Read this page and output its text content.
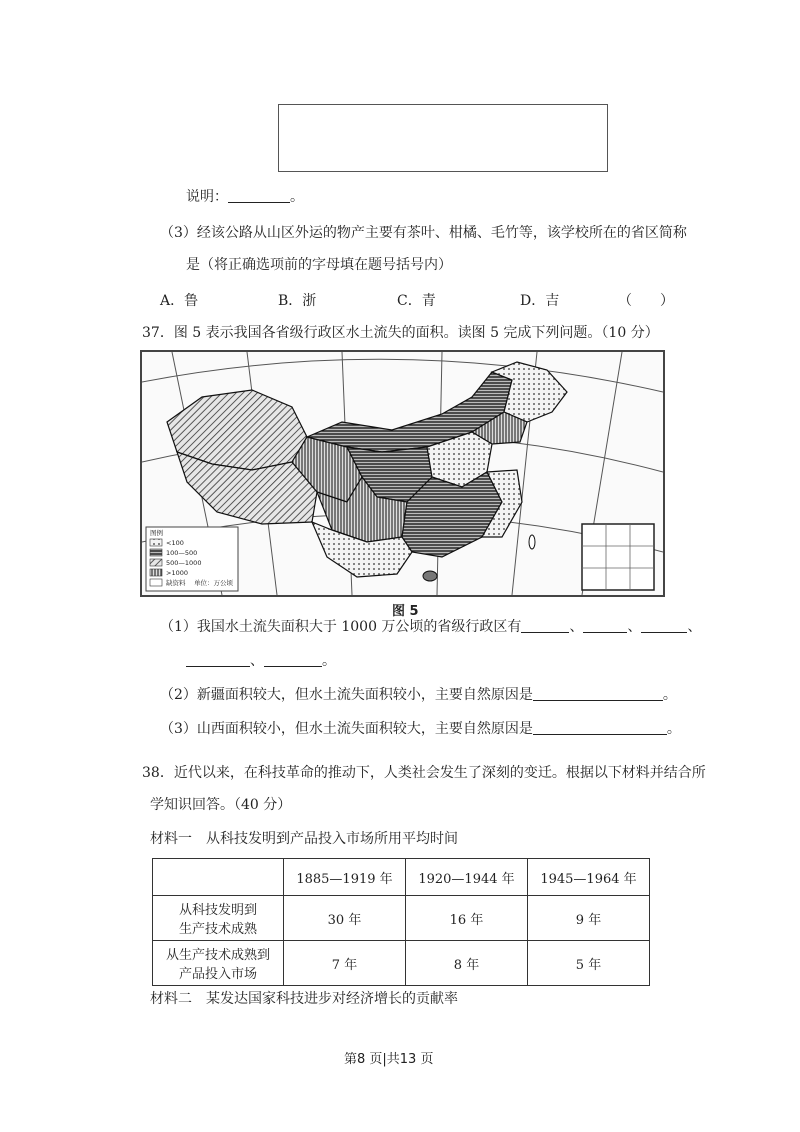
说明：	。
（3）经该公路从山区外运的物产主要有茶叶、柑橘、毛竹等，该学校所在的省区简称
是（将正确选项前的字母填在题号括号内）
A．鲁	B．浙	C．青	D．吉	（　　）
37．图 5 表示我国各省级行政区水土流失的面积。读图 5 完成下列问题。（10 分）
图例
<100
100—500
500—1000
>1000
缺资料 单位：万公顷
图 5
（1）我国水土流失面积大于 1000 万公顷的省级行政区有	、	、	、
、	。
（2）新疆面积较大，但水土流失面积较小，主要自然原因是	。
（3）山西面积较小，但水土流失面积较大，主要自然原因是	。
38．近代以来，在科技革命的推动下，人类社会发生了深刻的变迁。根据以下材料并结合所
学知识回答。（40 分）
材料一　从科技发明到产品投入市场所用平均时间
	1885—1919 年	1920—1944 年	1945—1964 年

从科技发明到
生产技术成熟	30 年	16 年	9 年

从生产技术成熟到
产品投入市场	7 年	8 年	5 年
材料二　某发达国家科技进步对经济增长的贡献率
第8 页|共13 页
